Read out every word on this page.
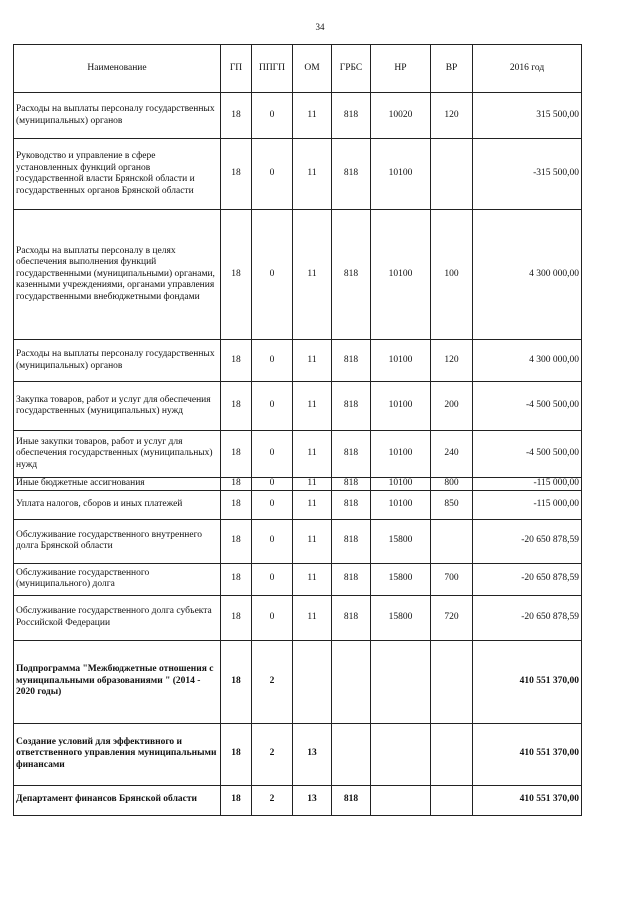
34
Наименование	ГП	ППГП	ОМ	ГРБС	НР	ВР	2016 год
Расходы на выплаты персоналу государственных (муниципальных) органов	18	0	11	818	10020	120	315 500,00
Руководство и управление в сфере установленных функций органов государственной власти Брянской области и государственных органов Брянской области	18	0	11	818	10100		-315 500,00
Расходы на выплаты персоналу в целях обеспечения выполнения функций государственными (муниципальными) органами, казенными учреждениями, органами управления государственными внебюджетными фондами	18	0	11	818	10100	100	4 300 000,00
Расходы на выплаты персоналу государственных (муниципальных) органов	18	0	11	818	10100	120	4 300 000,00
Закупка товаров, работ и услуг для обеспечения государственных (муниципальных) нужд	18	0	11	818	10100	200	-4 500 500,00
Иные закупки товаров, работ и услуг для обеспечения государственных (муниципальных) нужд	18	0	11	818	10100	240	-4 500 500,00
Иные бюджетные ассигнования	18	0	11	818	10100	800	-115 000,00
Уплата налогов, сборов и иных платежей	18	0	11	818	10100	850	-115 000,00
Обслуживание государственного внутреннего долга Брянской области	18	0	11	818	15800		-20 650 878,59
Обслуживание государственного (муниципального) долга	18	0	11	818	15800	700	-20 650 878,59
Обслуживание государственного долга субъекта Российской Федерации	18	0	11	818	15800	720	-20 650 878,59
Подпрограмма "Межбюджетные отношения с муниципальными образованиями " (2014 - 2020 годы)	18	2					410 551 370,00
Создание условий для эффективного и ответственного управления муниципальными финансами	18	2	13				410 551 370,00
Департамент финансов Брянской области	18	2	13	818			410 551 370,00
